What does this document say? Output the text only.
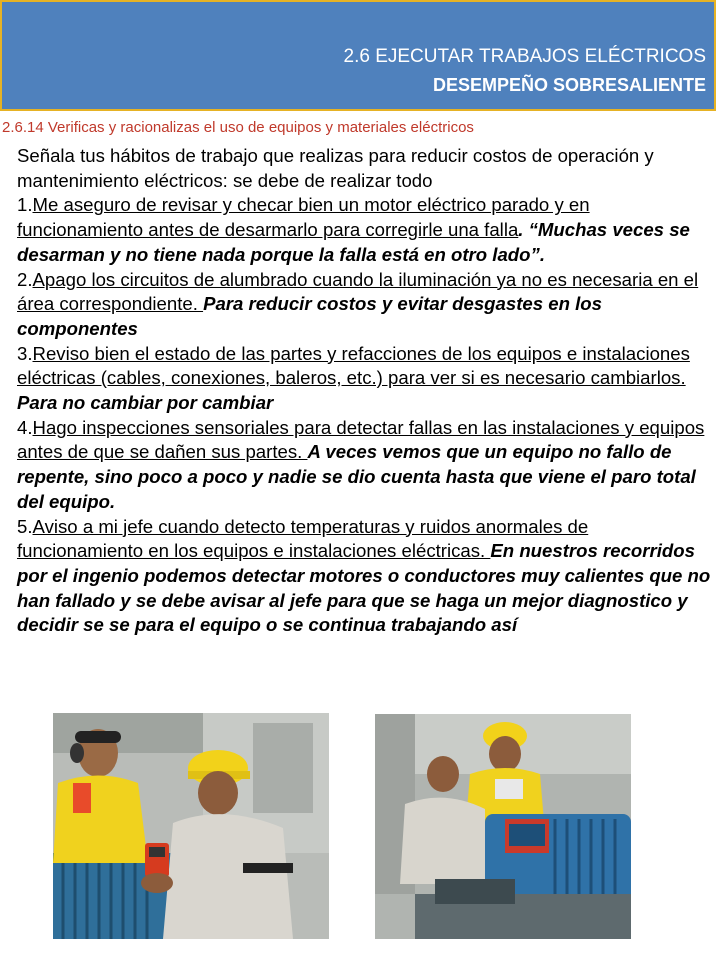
2.6 EJECUTAR TRABAJOS ELÉCTRICOS
DESEMPEÑO SOBRESALIENTE
2.6.14 Verificas y racionalizas el uso de equipos y materiales eléctricos

Señala tus hábitos de trabajo que realizas para reducir costos de operación y mantenimiento eléctricos: se debe de realizar todo

1.Me aseguro de revisar y checar bien un motor eléctrico parado y en funcionamiento antes de desarmarlo para corregirle una falla. “Muchas veces se desarman y no tiene nada porque la falla está en otro lado”.

2.Apago los circuitos de alumbrado cuando la iluminación ya no es necesaria en el área correspondiente. Para reducir costos y evitar desgastes en los componentes

3.Reviso bien el estado de las partes y refacciones de los equipos e instalaciones eléctricas (cables, conexiones, baleros, etc.) para ver si es necesario cambiarlos. Para no cambiar por cambiar

4.Hago inspecciones sensoriales para detectar fallas en las instalaciones y equipos antes de que se dañen sus partes. A veces vemos que un equipo no fallo de repente, sino poco a poco y nadie se dio cuenta hasta que viene el paro total del equipo.

5.Aviso a mi jefe cuando detecto temperaturas y ruidos anormales de funcionamiento en los equipos e instalaciones eléctricas. En nuestros recorridos por el ingenio podemos detectar motores o conductores muy calientes que no han fallado y se debe avisar al jefe para que se haga un mejor diagnostico y decidir se se para el equipo o se continua trabajando así
